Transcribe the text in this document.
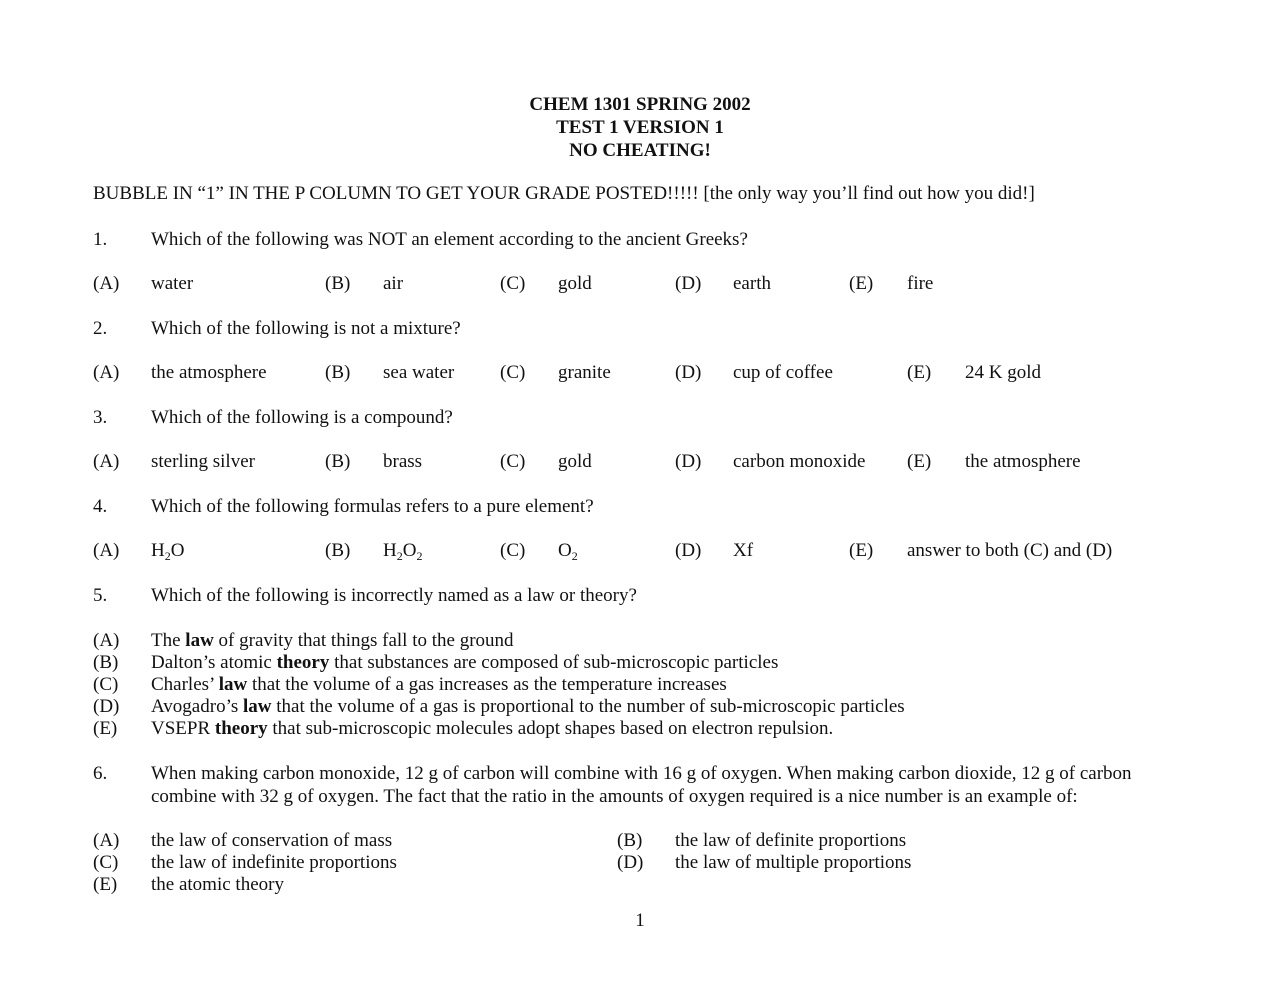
CHEM 1301 SPRING 2002
TEST 1 VERSION 1
NO CHEATING!
BUBBLE IN “1” IN THE P COLUMN TO GET YOUR GRADE POSTED!!!!! [the only way you’ll find out how you did!]
1. Which of the following was NOT an element according to the ancient Greeks?
(A) water	(B) air	(C) gold	(D) earth	(E) fire
2. Which of the following is not a mixture?
(A) the atmosphere	(B) sea water (C) granite	(D) cup of coffee	(E) 24 K gold
3. Which of the following is a compound?
(A) sterling silver	(B) brass	(C) gold	(D) carbon monoxide (E) the atmosphere
4. Which of the following formulas refers to a pure element?
(A) $H_2O$	(B) $H_2O_2$	(C) $O_2$	(D) Xf	(E) answer to both (C) and (D)
5. Which of the following is incorrectly named as a law or theory?
(A) The law of gravity that things fall to the ground
(B) Dalton’s atomic theory that substances are composed of sub-microscopic particles
(C) Charles’ law that the volume of a gas increases as the temperature increases
(D) Avogadro’s law that the volume of a gas is proportional to the number of sub-microscopic particles
(E) VSEPR theory that sub-microscopic molecules adopt shapes based on electron repulsion.
6. When making carbon monoxide, 12 g of carbon will combine with 16 g of oxygen. When making carbon dioxide, 12 g of carbon
combine with 32 g of oxygen. The fact that the ratio in the amounts of oxygen required is a nice number is an example of:
(A) the law of conservation of mass	(B) the law of definite proportions
(C) the law of indefinite proportions	(D) the law of multiple proportions
(E) the atomic theory
1
